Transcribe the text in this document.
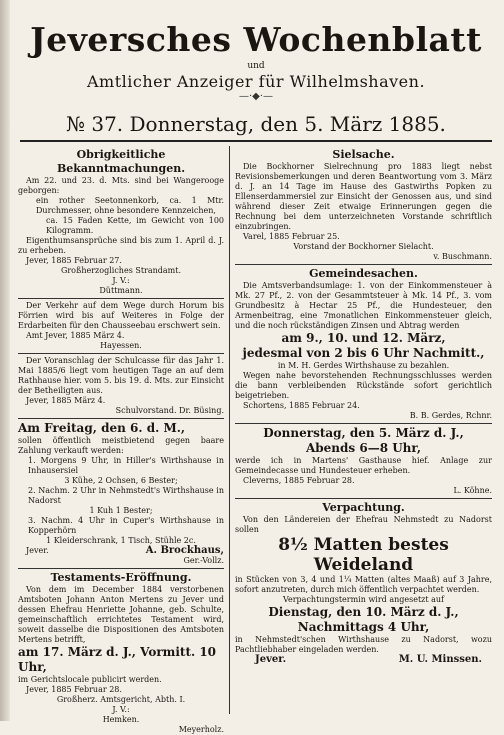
Jeversches Wochenblatt
und
Amtlicher Anzeiger für Wilhelmshaven.
—·◆·—
№ 37. Donnerstag, den 5. März 1885.
Obrigkeitliche Bekanntmachungen.

Am 22. und 23. d. Mts. sind bei Wangerooge geborgen:

ein rother Seetonnenkorb, ca. 1 Mtr. Durchmesser, ohne besondere Kennzeichen,

ca. 15 Faden Kette, im Gewicht von 100 Kilogramm.

Eigenthumsansprüche sind bis zum 1. April d. J. zu erheben.

Jever, 1885 Februar 27.

Großherzogliches Strandamt.

J. V.:

Düttmann.

Der Verkehr auf dem Wege durch Horum bis Förrien wird bis auf Weiteres in Folge der Erdarbeiten für den Chausseebau erschwert sein.

Amt Jever, 1885 März 4.

Hayessen.

Der Voranschlag der Schulcasse für das Jahr 1. Mai 1885/6 liegt vom heutigen Tage an auf dem Rathhause hier. vom 5. bis 19. d. Mts. zur Einsicht der Betheiligten aus.

Jever, 1885 März 4.

Schulvorstand. Dr. Büsing.

Am Freitag, den 6. d. M.,

sollen öffentlich meistbietend gegen baare Zahlung verkauft werden:

1. Morgens 9 Uhr, in Hiller's Wirthshause in Inhausersiel

3 Kühe, 2 Ochsen, 6 Bester;

2. Nachm. 2 Uhr in Nehmstedt's Wirthshause in Nadorst

1 Kuh 1 Bester;

3. Nachm. 4 Uhr in Cuper's Wirthshause in Kopperhörn

1 Kleiderschrank, 1 Tisch, Stühle 2c.

Jever.	A. Brockhaus,

Ger.-Vollz.

Testaments-Eröffnung.

Von dem im December 1884 verstorbenen Amtsboten Johann Anton Mertens zu Jever und dessen Ehefrau Henriette Johanne, geb. Schulte, gemeinschaftlich errichtetes Testament wird, soweit dasselbe die Dispositionen des Amtsboten Mertens betrifft,

am 17. März d. J., Vormitt. 10 Uhr,

im Gerichtslocale publicirt werden.

Jever, 1885 Februar 28.

Großherz. Amtsgericht, Abth. I.

J. V.:

Hemken.

Meyerholz.

Sielsache.

Die Bockhorner Sielrechnung pro 1883 liegt nebst Revisionsbemerkungen und deren Beantwortung vom 3. März d. J. an 14 Tage im Hause des Gastwirths Popken zu Ellenserdammersiel zur Einsicht der Genossen aus, und sind während dieser Zeit etwaige Erinnerungen gegen die Rechnung bei dem unterzeichneten Vorstande schriftlich einzubringen.

Varel, 1885 Februar 25.

Vorstand der Bockhorner Sielacht.

v. Buschmann.

Gemeindesachen.

Die Amtsverbandsumlage: 1. von der Einkommensteuer à Mk. 27 Pf., 2. von der Gesammtsteuer à Mk. 14 Pf., 3. vom Grundbesitz à Hectar 25 Pf., die Hundesteuer, den Armenbeitrag, eine 7monatlichen Einkommensteuer gleich, und die noch rückständigen Zinsen und Abtrag werden

am 9., 10. und 12. März,
jedesmal von 2 bis 6 Uhr Nachmitt.,

in M. H. Gerdes Wirthshause zu bezahlen.

Wegen nahe bevorstehenden Rechnungsschlusses werden die bann verbleibenden Rückstände sofort gerichtlich beigetrieben.

Schortens, 1885 Februar 24.

B. B. Gerdes, Rchnr.

Donnerstag, den 5. März d. J.,
Abends 6—8 Uhr,

werde ich in Martens' Gasthause hief. Anlage zur Gemeindecasse und Hundesteuer erheben.

Cleverns, 1885 Februar 28.

L. Köhne.

Verpachtung.

Von den Ländereien der Ehefrau Nehmstedt zu Nadorst sollen

8½ Matten bestes Weideland

in Stücken von 3, 4 und 1¼ Matten (altes Maaß) auf 3 Jahre, sofort anzutreten, durch mich öffentlich verpachtet werden.

Verpachtungstermin wird angesetzt auf

Dienstag, den 10. März d. J.,
Nachmittags 4 Uhr,

in Nehmstedt'schen Wirthshause zu Nadorst, wozu Pachtliebhaber eingeladen werden.

Jever.	M. U. Minssen.
